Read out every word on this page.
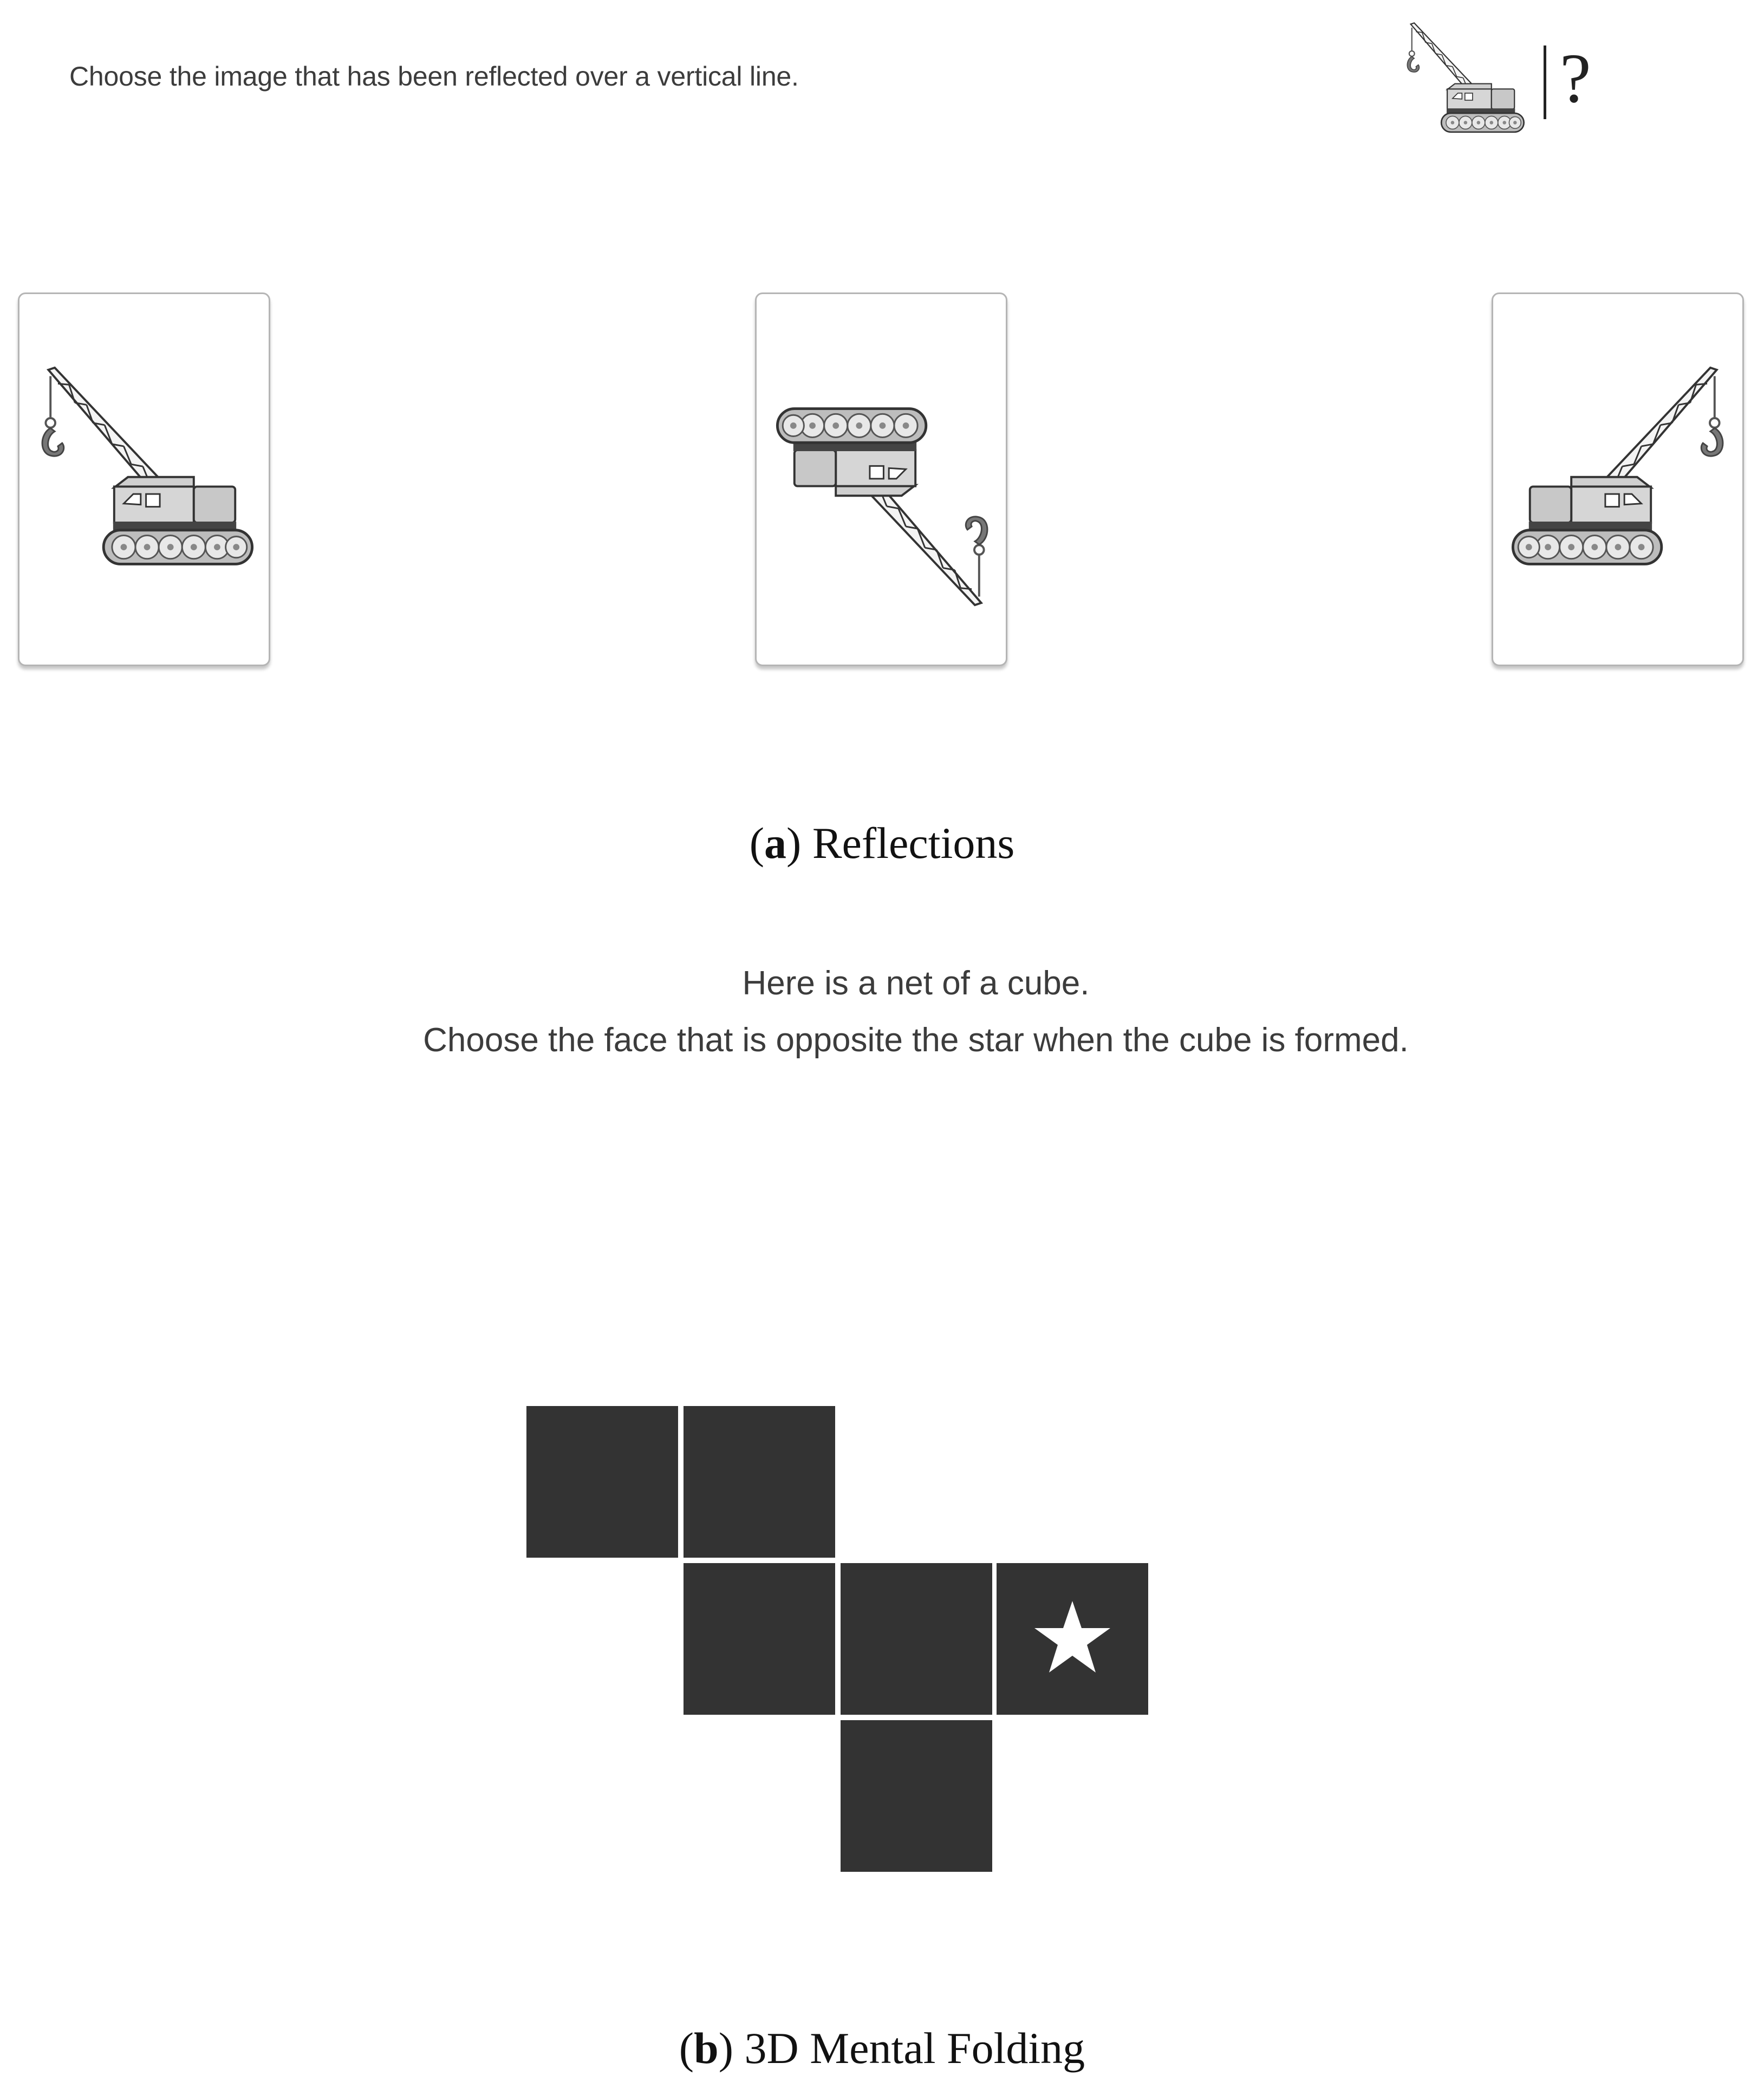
Choose the image that has been reflected over a vertical line.	?
(a) Reflections
Here is a net of a cube.
Choose the face that is opposite the star when the cube is formed.
(b) 3D Mental Folding
